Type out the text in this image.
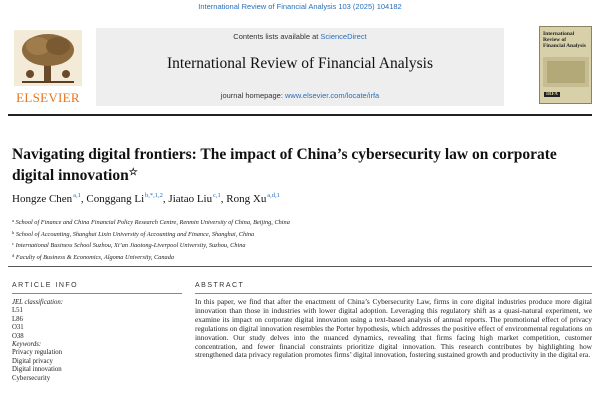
International Review of Financial Analysis 103 (2025) 104182
ELSEVIER
Contents lists available at ScienceDirect
International Review of Financial Analysis
journal homepage: www.elsevier.com/locate/irfa
International Review of Financial Analysis
IRFA
Navigating digital frontiers: The impact of China’s cybersecurity law on corporate digital innovation☆
Hongze Chen $^{a,1}$, Conggang Li $^{b,*,1,2}$, Jiatao Liu $^{c,1}$, Rong Xu $^{a,d,1}$
$^a$ School of Finance and China Financial Policy Research Centre, Renmin University of China, Beijing, China
$^b$ School of Accounting, Shanghai Lixin University of Accounting and Finance, Shanghai, China
$^c$ International Business School Suzhou, Xi’an Jiaotong-Liverpool University, Suzhou, China
$^d$ Faculty of Business & Economics, Algoma University, Canada
ARTICLE INFO	ABSTRACT
JEL classification:
L51
L86
O31
O38
Keywords:
Privacy regulation
Digital privacy
Digital innovation
Cybersecurity

In this paper, we find that after the enactment of China’s Cybersecurity Law, firms in core digital industries produce more digital innovation than those in industries with lower digital adoption. Leveraging this regulatory shift as a quasi-natural experiment, we examine its impact on corporate digital innovation using a text-based analysis of annual reports. The promotional effect of privacy regulations on digital innovation resembles the Porter hypothesis, which addresses the positive effect of environmental regulations on innovation. Our study delves into the nuanced dynamics, revealing that firms facing high market competition, customer concentration, and fewer financial constraints prioritize digital innovation. This research contributes by highlighting how strengthened data privacy regulation promotes firms’ digital innovation, fostering sustained growth and productivity in the digital era.
